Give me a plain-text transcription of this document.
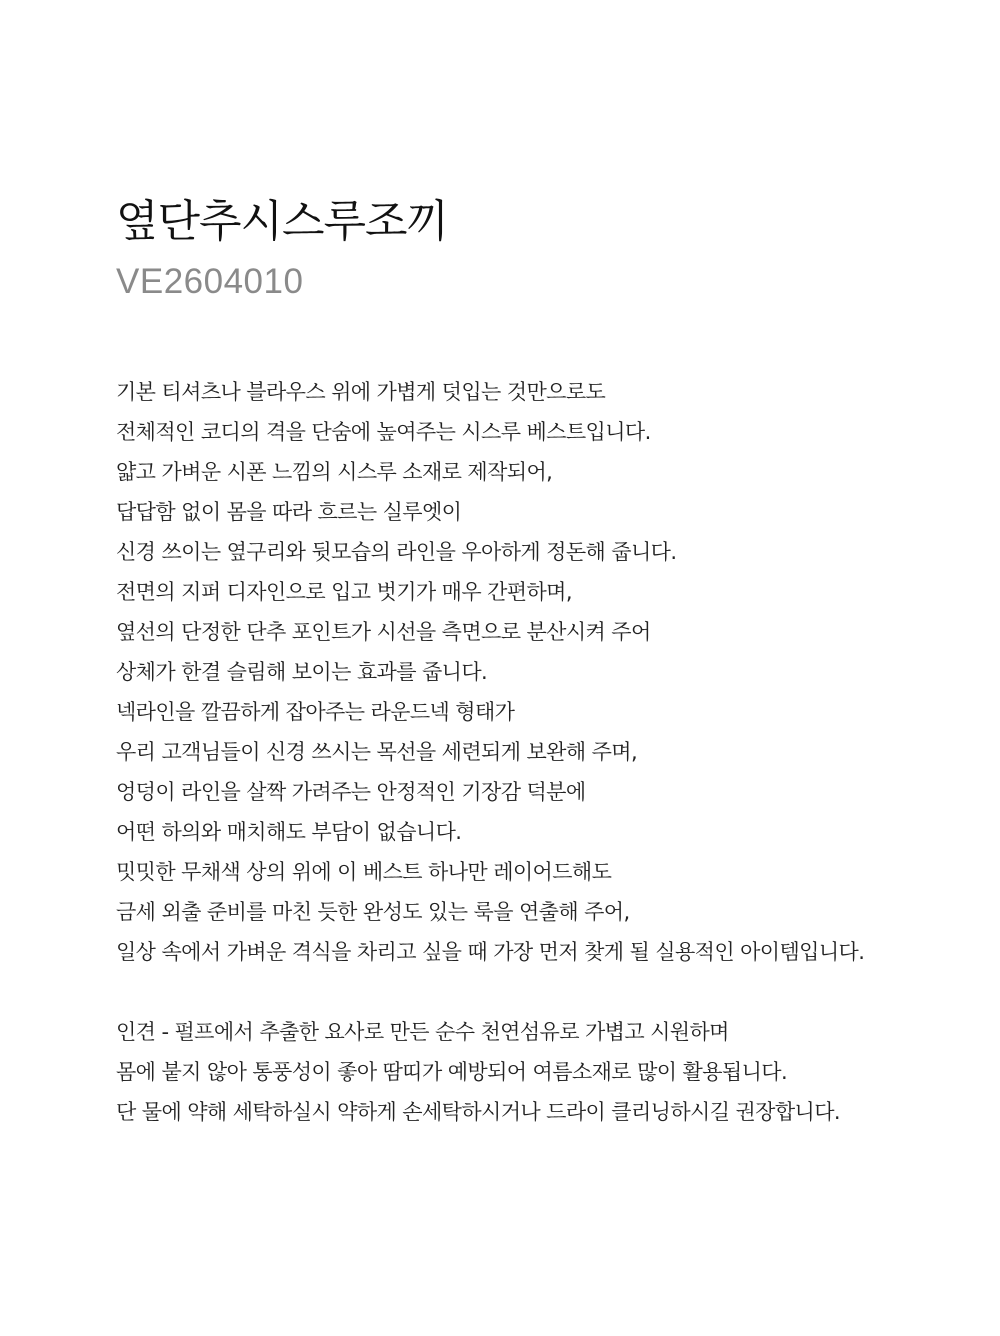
옆단추시스루조끼
VE2604010

기본 티셔츠나 블라우스 위에 가볍게 덧입는 것만으로도
전체적인 코디의 격을 단숨에 높여주는 시스루 베스트입니다.
얇고 가벼운 시폰 느낌의 시스루 소재로 제작되어,
답답함 없이 몸을 따라 흐르는 실루엣이
신경 쓰이는 옆구리와 뒷모습의 라인을 우아하게 정돈해 줍니다.
전면의 지퍼 디자인으로 입고 벗기가 매우 간편하며,
옆선의 단정한 단추 포인트가 시선을 측면으로 분산시켜 주어
상체가 한결 슬림해 보이는 효과를 줍니다.
넥라인을 깔끔하게 잡아주는 라운드넥 형태가
우리 고객님들이 신경 쓰시는 목선을 세련되게 보완해 주며,
엉덩이 라인을 살짝 가려주는 안정적인 기장감 덕분에
어떤 하의와 매치해도 부담이 없습니다.
밋밋한 무채색 상의 위에 이 베스트 하나만 레이어드해도
금세 외출 준비를 마친 듯한 완성도 있는 룩을 연출해 주어,
일상 속에서 가벼운 격식을 차리고 싶을 때 가장 먼저 찾게 될 실용적인 아이템입니다.

인견 - 펄프에서 추출한 요사로 만든 순수 천연섬유로 가볍고 시원하며
몸에 붙지 않아 통풍성이 좋아 땀띠가 예방되어 여름소재로 많이 활용됩니다.
단 물에 약해 세탁하실시 약하게 손세탁하시거나 드라이 클리닝하시길 권장합니다.
